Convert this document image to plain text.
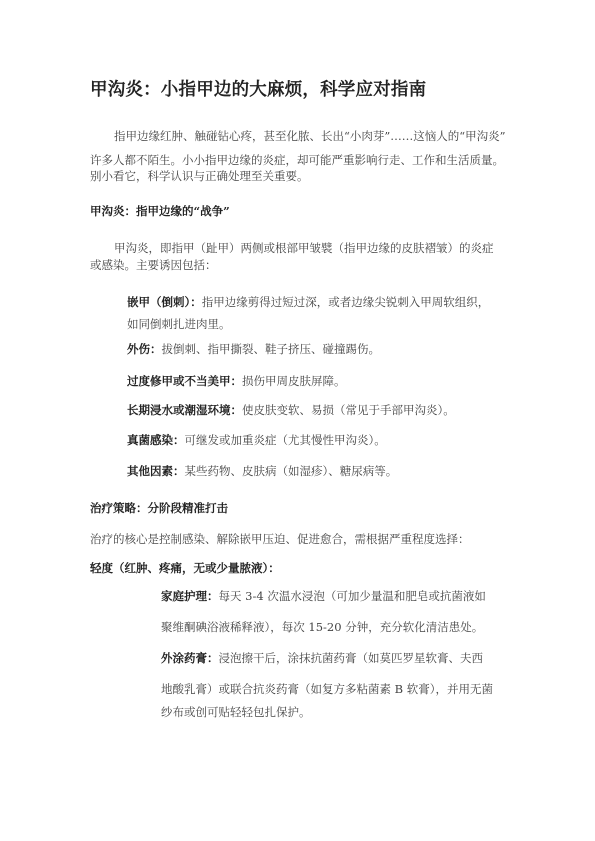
甲沟炎：小指甲边的大麻烦，科学应对指南
指甲边缘红肿、触碰钻心疼，甚至化脓、长出“小肉芽”……这恼人的“甲沟炎”
许多人都不陌生。小小指甲边缘的炎症，却可能严重影响行走、工作和生活质量。
别小看它，科学认识与正确处理至关重要。
甲沟炎：指甲边缘的“战争”
甲沟炎，即指甲（趾甲）两侧或根部甲皱襞（指甲边缘的皮肤褶皱）的炎症
或感染。主要诱因包括：
嵌甲（倒刺）：指甲边缘剪得过短过深，或者边缘尖锐刺入甲周软组织，
如同倒刺扎进肉里。
外伤：拔倒刺、指甲撕裂、鞋子挤压、碰撞踢伤。
过度修甲或不当美甲：损伤甲周皮肤屏障。
长期浸水或潮湿环境：使皮肤变软、易损（常见于手部甲沟炎）。
真菌感染：可继发或加重炎症（尤其慢性甲沟炎）。
其他因素：某些药物、皮肤病（如湿疹）、糖尿病等。
治疗策略：分阶段精准打击
治疗的核心是控制感染、解除嵌甲压迫、促进愈合，需根据严重程度选择：
轻度（红肿、疼痛，无或少量脓液）：
家庭护理：每天 3-4 次温水浸泡（可加少量温和肥皂或抗菌液如
聚维酮碘浴液稀释液），每次 15-20 分钟，充分软化清洁患处。
外涂药膏：浸泡擦干后，涂抹抗菌药膏（如莫匹罗星软膏、夫西
地酸乳膏）或联合抗炎药膏（如复方多粘菌素 B 软膏），并用无菌
纱布或创可贴轻轻包扎保护。
